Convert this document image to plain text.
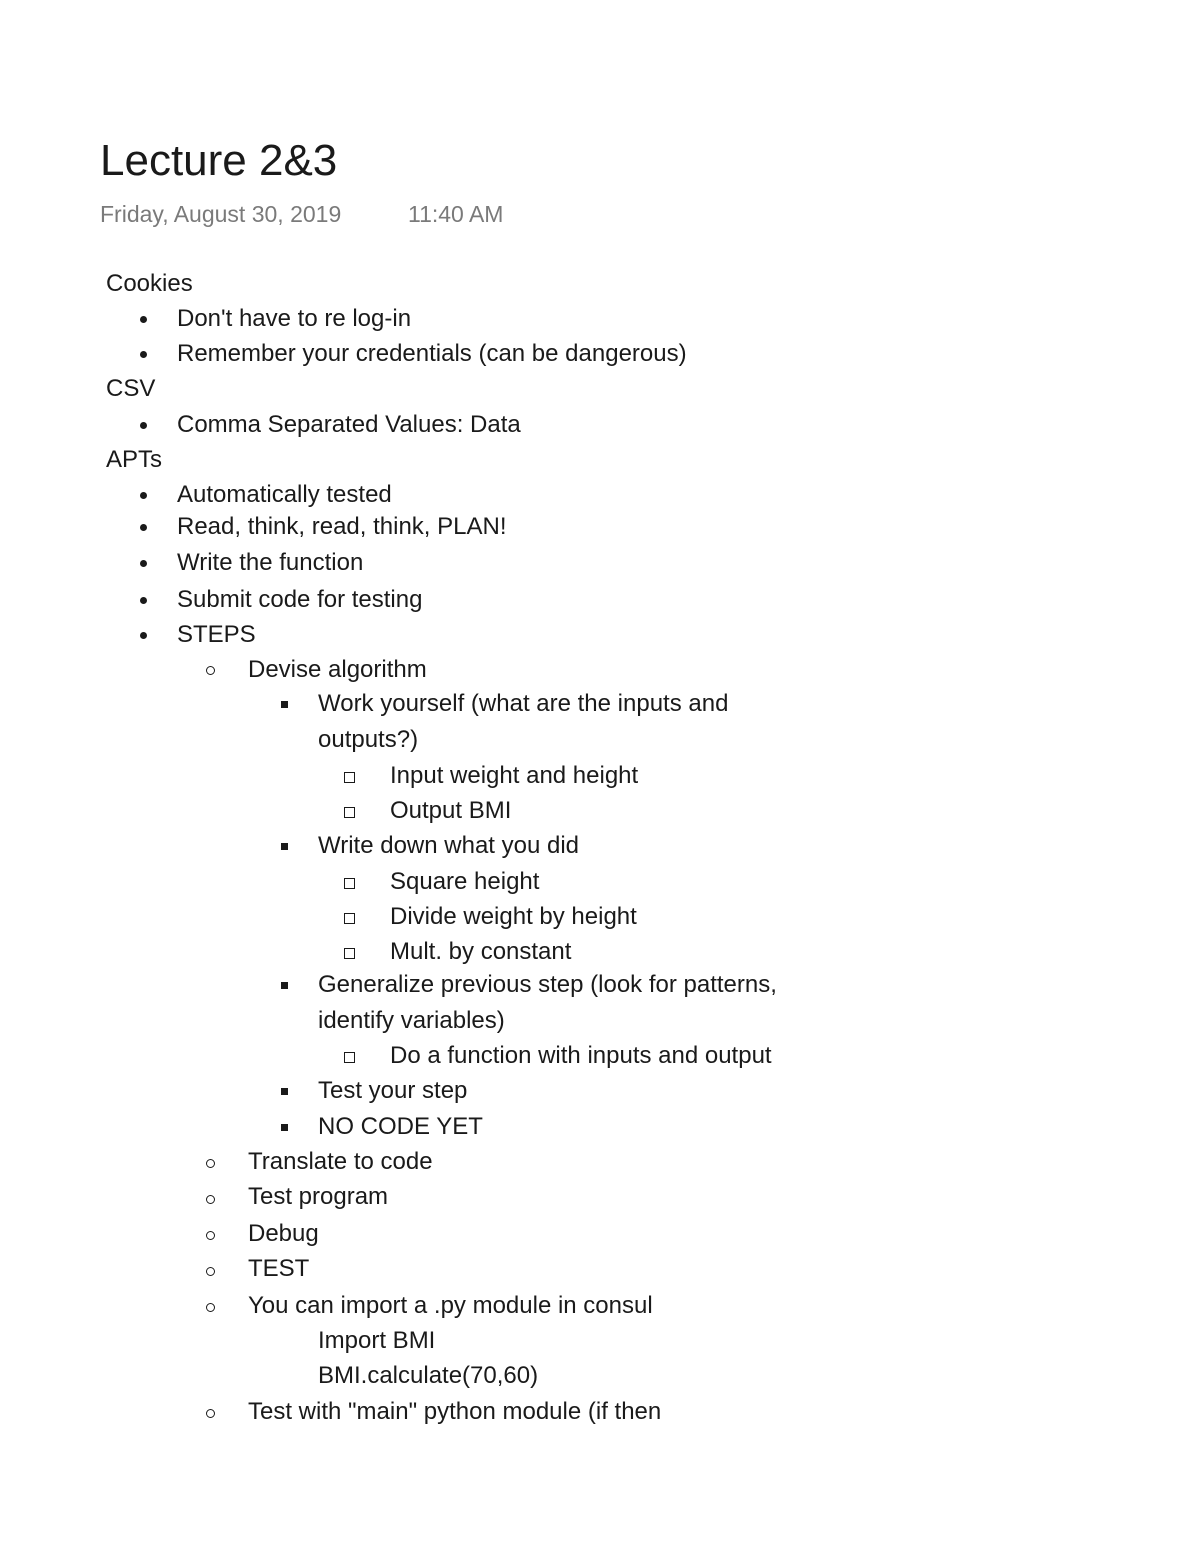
Lecture 2&3
Friday, August 30, 2019	11:40 AM
Cookies
Don't have to re log-in
Remember your credentials (can be dangerous)
CSV
Comma Separated Values: Data
APTs
Automatically tested
Read, think, read, think, PLAN!
Write the function
Submit code for testing
STEPS
Devise algorithm
Work yourself (what are the inputs and
outputs?)
Input weight and height
Output BMI
Write down what you did
Square height
Divide weight by height
Mult. by constant
Generalize previous step (look for patterns,
identify variables)
Do a function with inputs and output
Test your step
NO CODE YET
Translate to code
Test program
Debug
TEST
You can import a .py module in consul
Import BMI
BMI.calculate(70,60)
Test with "main" python module (if then
